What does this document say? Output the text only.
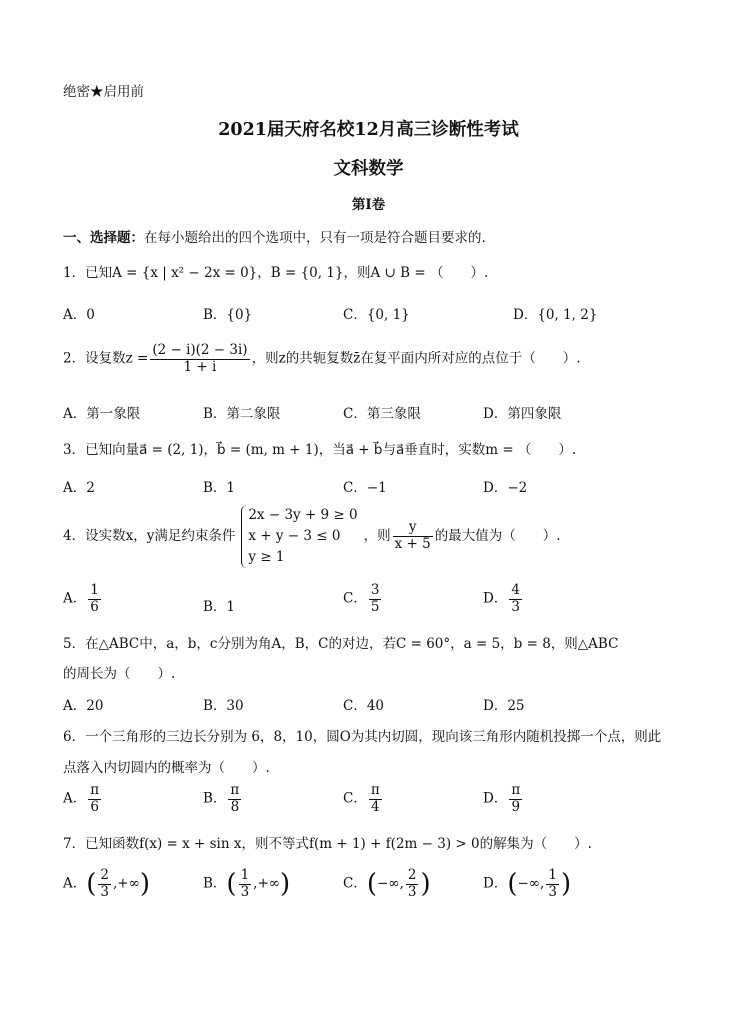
绝密★启用前
2021届天府名校12月高三诊断性考试
文科数学
第Ⅰ卷
一、选择题：在每小题给出的四个选项中，只有一项是符合题目要求的.
1．已知A = {x | x² − 2x = 0}，B = {0, 1}，则A ∪ B = （　　）.
A．0	B．{0}	C．{0, 1}	D．{0, 1, 2}
2．设复数$z = \frac{(2 - i)(2 - 3i)}{1 + i}$ ，则z的共轭复数z̄在复平面内所对应的点位于（　　）.
A．第一象限	B．第二象限	C．第三象限	D．第四象限
3．已知向量a⃗ = (2, 1)，b⃗ = (m, m + 1)，当a⃗ + b⃗与a⃗垂直时，实数m = （　　）.
A．2	B．1	C．−1	D．−2
4．设实数x，y满足约束条件
2x − 3y + 9 ≥ 0
x + y − 3 ≤ 0
y ≥ 1
，则 $\frac{y}{x + 5}$ 的最大值为（　　）.
A． $\frac{1}{6}$	B．1
C． $\frac{3}{5}$	D． $\frac{4}{3}$
5．在△ABC中，a，b，c分别为角A，B，C的对边，若C = 60°，a = 5，b = 8，则△ABC
的周长为（　　）.
A．20	B．30	C．40	D．25
6．一个三角形的三边长分别为 6，8，10，圆O为其内切圆，现向该三角形内随机投掷一个点，则此
点落入内切圆内的概率为（　　）.
A． $\frac{\pi}{6}$	B． $\frac{\pi}{8}$	C． $\frac{\pi}{4}$	D． $\frac{\pi}{9}$
7．已知函数f(x) = x + sin x，则不等式f(m + 1) + f(2m − 3) > 0的解集为（　　）.
A．( $\frac{2}{3}$ ,+∞)	B．( $\frac{1}{3}$ ,+∞)	C．(−∞, $\frac{2}{3}$ )	D．(−∞, $\frac{1}{3}$ )
